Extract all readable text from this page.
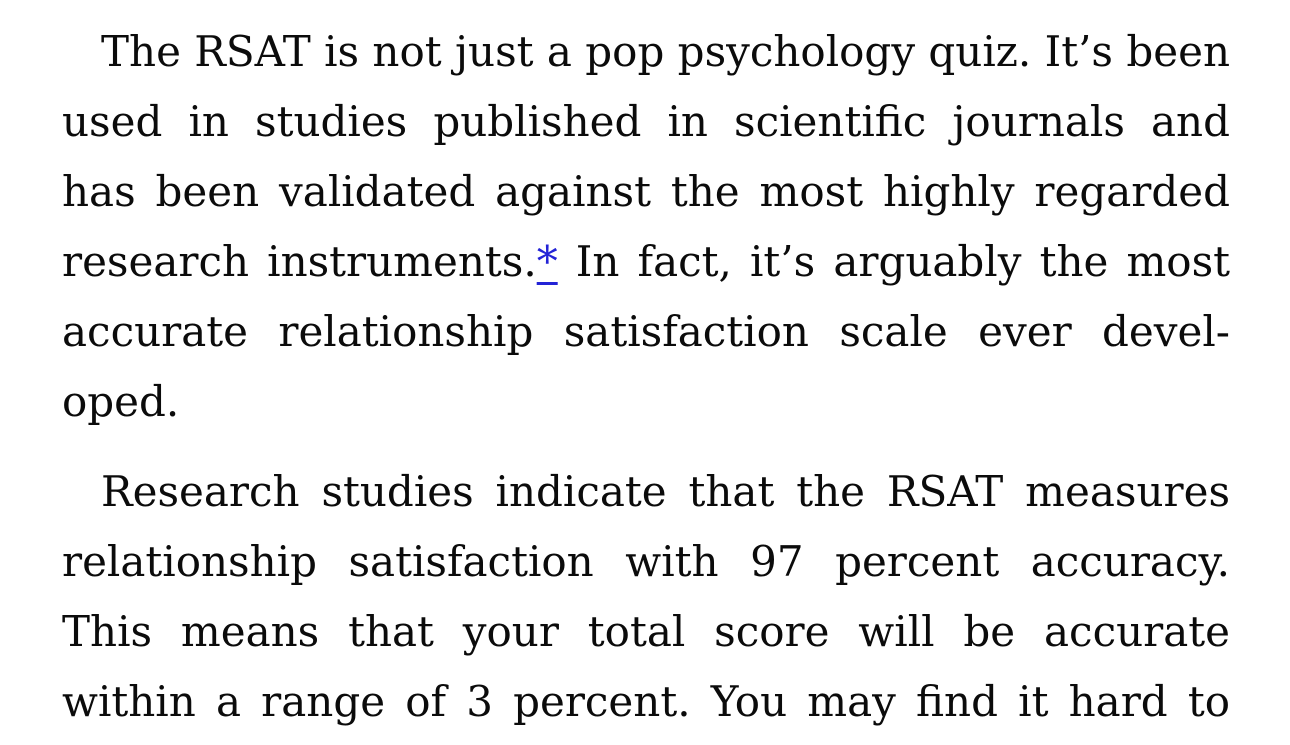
The RSAT is not just a pop psychology quiz. It’s been
used in studies published in scientific journals and
has been validated against the most highly regarded
research instruments.* In fact, it’s arguably the most
accurate relationship satisfaction scale ever devel-
oped.
Research studies indicate that the RSAT measures
relationship satisfaction with 97 percent accuracy.
This means that your total score will be accurate
within a range of 3 percent. You may find it hard to
